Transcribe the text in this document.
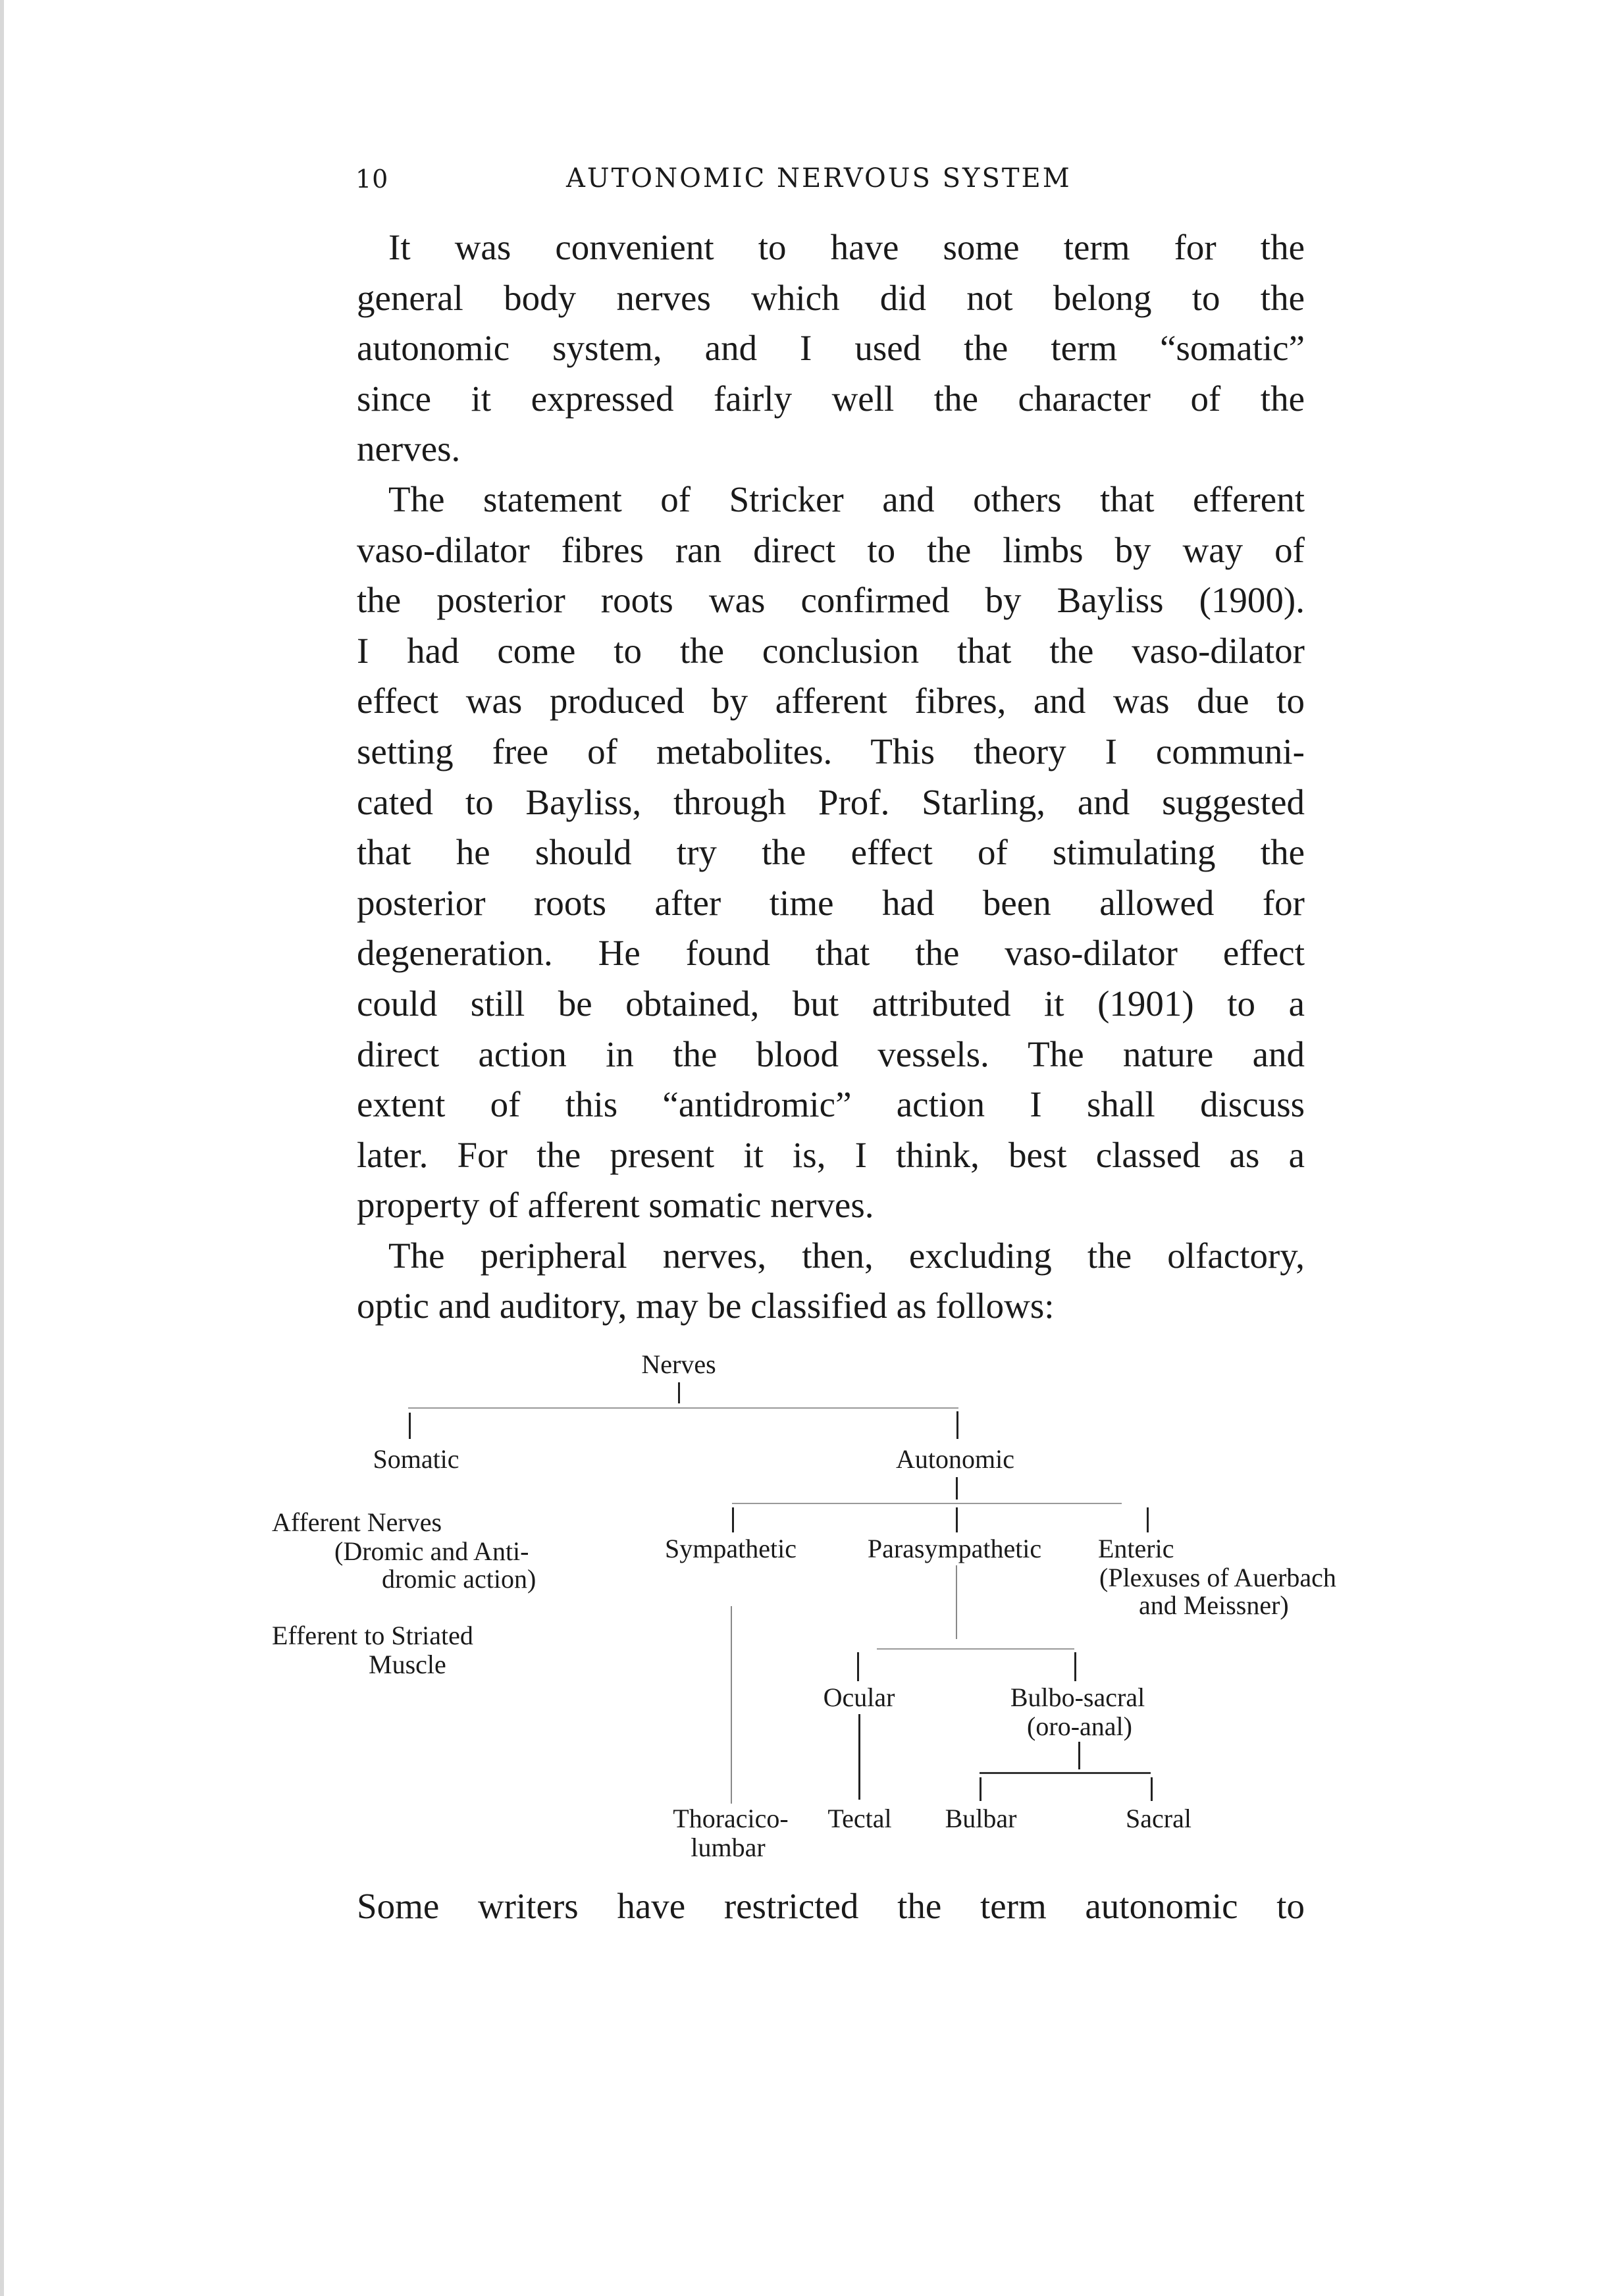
10	AUTONOMIC NERVOUS SYSTEM
It was convenient to have some term for the
general body nerves which did not belong to the
autonomic system, and I used the term “somatic”
since it expressed fairly well the character of the
nerves.
The statement of Stricker and others that efferent
vaso-dilator fibres ran direct to the limbs by way of
the posterior roots was confirmed by Bayliss (1900).
I had come to the conclusion that the vaso-dilator
effect was produced by afferent fibres, and was due to
setting free of metabolites. This theory I communi-
cated to Bayliss, through Prof. Starling, and suggested
that he should try the effect of stimulating the
posterior roots after time had been allowed for
degeneration. He found that the vaso-dilator effect
could still be obtained, but attributed it (1901) to a
direct action in the blood vessels. The nature and
extent of this “antidromic” action I shall discuss
later. For the present it is, I think, best classed as a
property of afferent somatic nerves.
The peripheral nerves, then, excluding the olfactory,
optic and auditory, may be classified as follows:
Nerves
Somatic
Afferent Nerves
(Dromic and Anti-
dromic action)
Efferent to Striated
Muscle
Autonomic
Sympathetic	Parasympathetic Enteric
(Plexuses of Auerbach
and Meissner)
Ocular	Bulbo-sacral
(oro-anal)
Thoracico-
lumbar
Tectal Bulbar	Sacral
Some writers have restricted the term autonomic to
